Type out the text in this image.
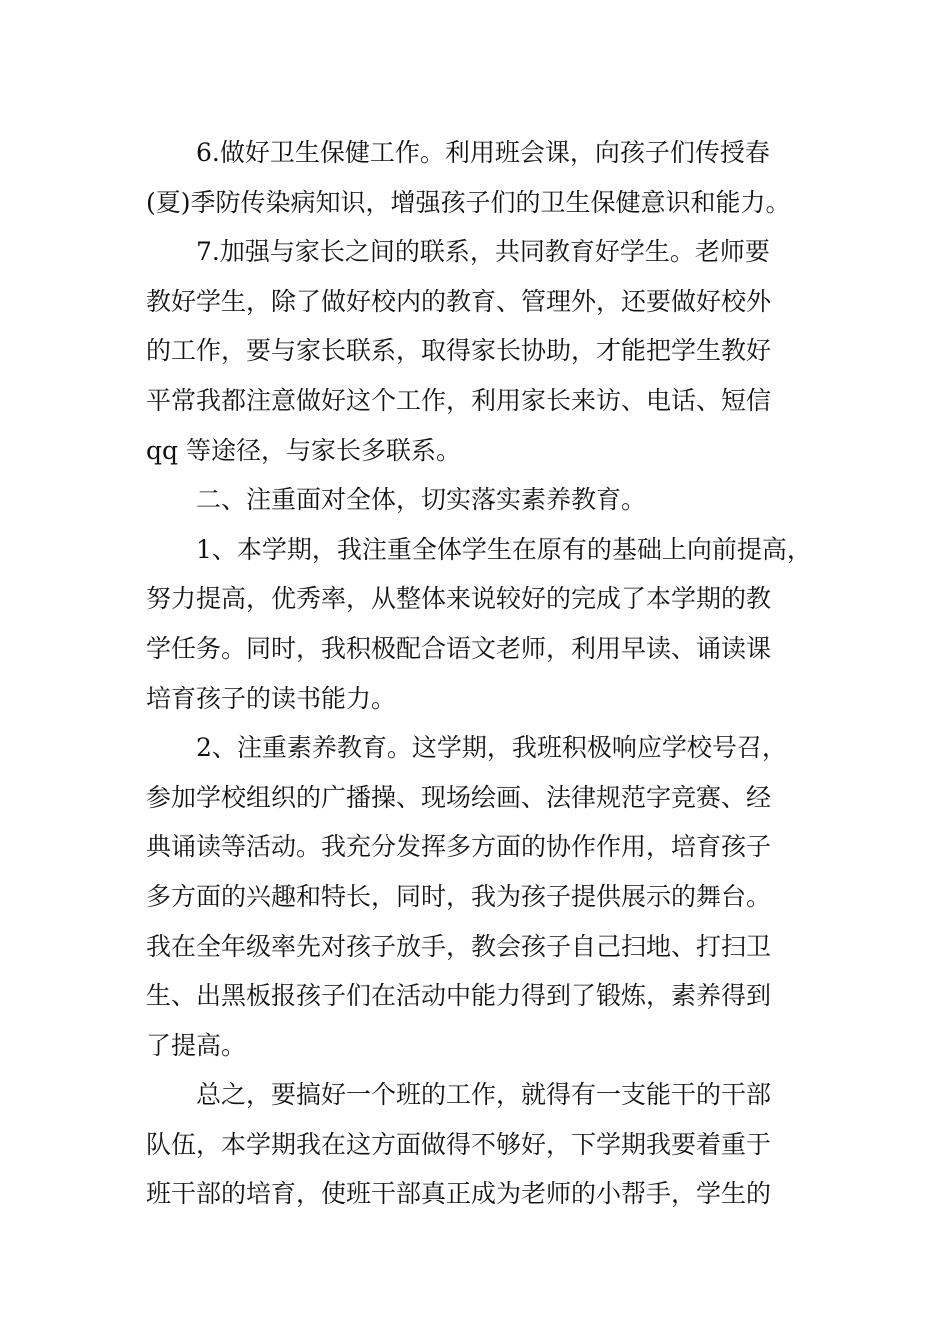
6.做好卫生保健工作。利用班会课，向孩子们传授春
(夏)季防传染病知识，增强孩子们的卫生保健意识和能力。
7.加强与家长之间的联系，共同教育好学生。老师要
教好学生，除了做好校内的教育、管理外，还要做好校外
的工作，要与家长联系，取得家长协助，才能把学生教好
平常我都注意做好这个工作，利用家长来访、电话、短信
qq 等途径，与家长多联系。
二、注重面对全体，切实落实素养教育。
1、本学期，我注重全体学生在原有的基础上向前提高，
努力提高，优秀率，从整体来说较好的完成了本学期的教
学任务。同时，我积极配合语文老师，利用早读、诵读课
培育孩子的读书能力。
2、注重素养教育。这学期，我班积极响应学校号召，
参加学校组织的广播操、现场绘画、法律规范字竞赛、经
典诵读等活动。我充分发挥多方面的协作作用，培育孩子
多方面的兴趣和特长，同时，我为孩子提供展示的舞台。
我在全年级率先对孩子放手，教会孩子自己扫地、打扫卫
生、出黑板报孩子们在活动中能力得到了锻炼，素养得到
了提高。
总之，要搞好一个班的工作，就得有一支能干的干部
队伍，本学期我在这方面做得不够好，下学期我要着重于
班干部的培育，使班干部真正成为老师的小帮手，学生的
